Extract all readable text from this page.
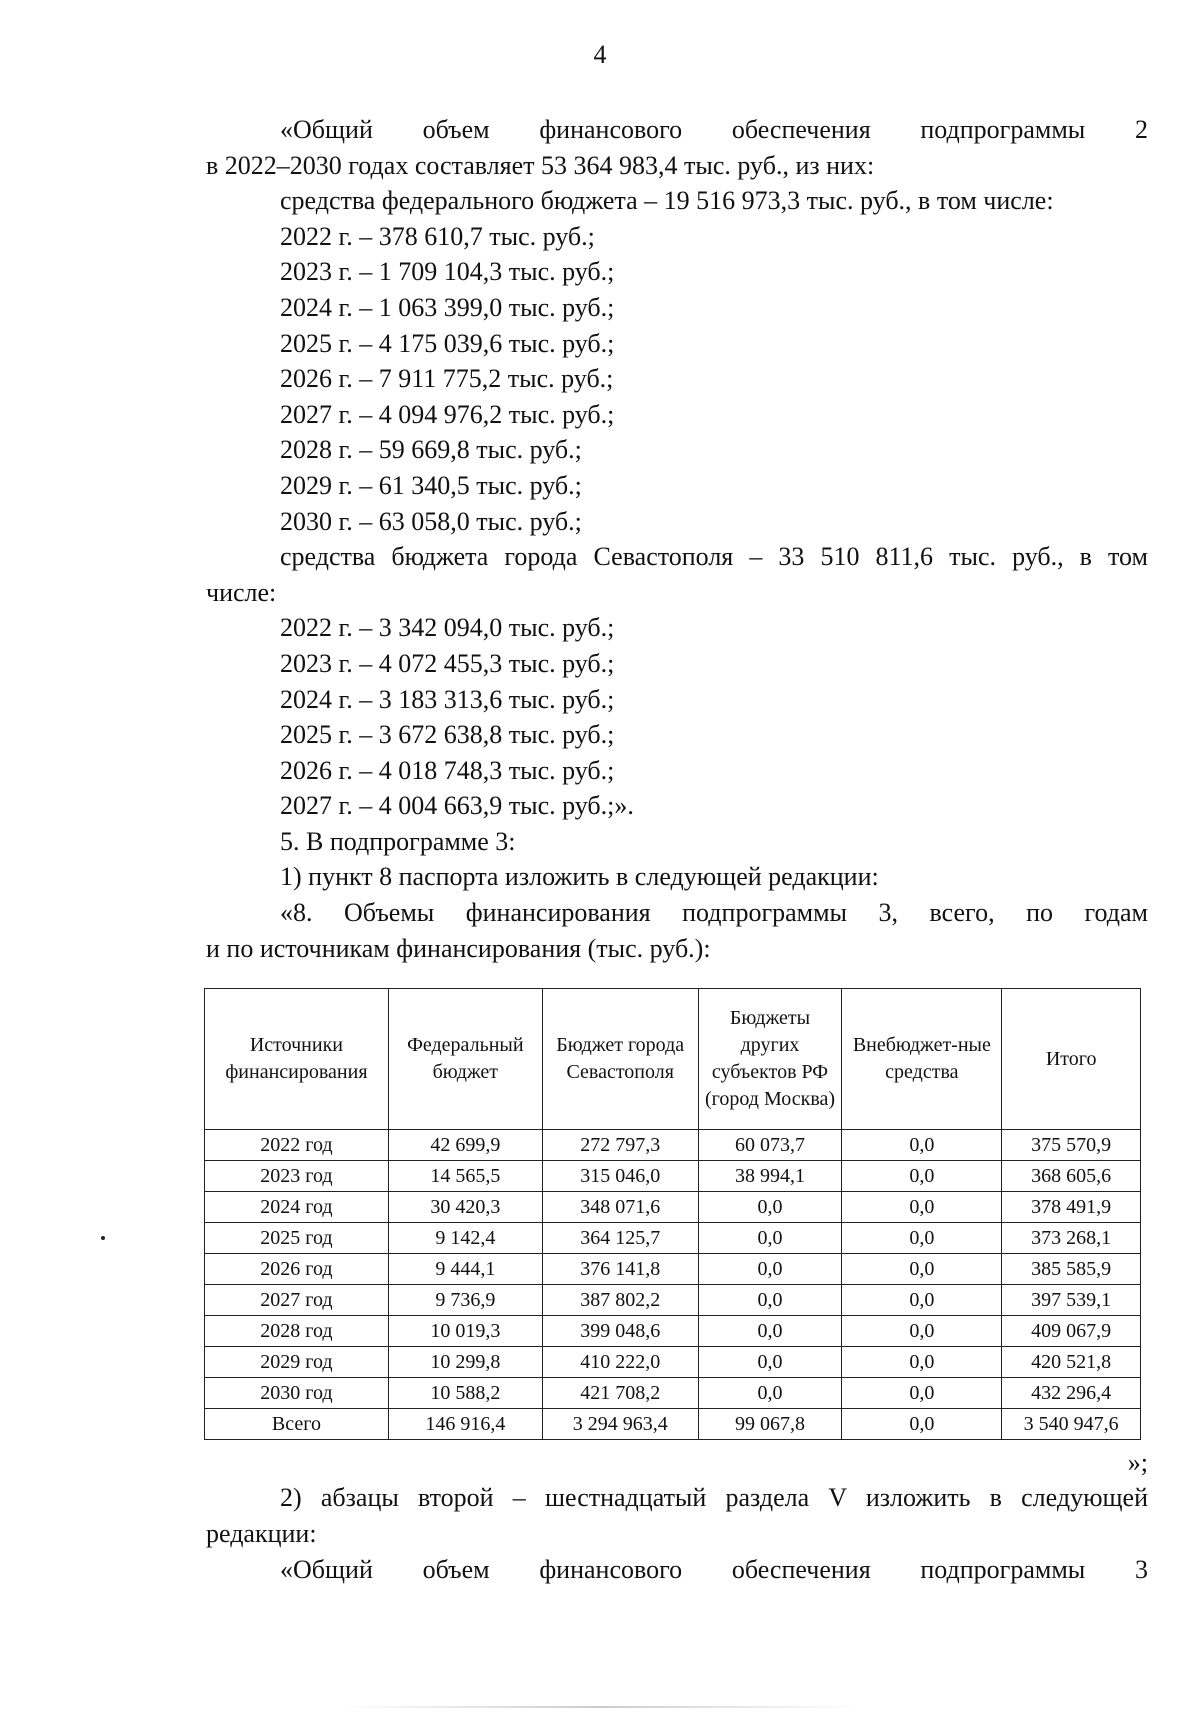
4

«Общий объем финансового обеспечения подпрограммы 2

в 2022–2030 годах составляет 53 364 983,4 тыс. руб., из них:

средства федерального бюджета – 19 516 973,3 тыс. руб., в том числе:

2022 г. – 378 610,7 тыс. руб.;

2023 г. – 1 709 104,3 тыс. руб.;

2024 г. – 1 063 399,0 тыс. руб.;

2025 г. – 4 175 039,6 тыс. руб.;

2026 г. – 7 911 775,2 тыс. руб.;

2027 г. – 4 094 976,2 тыс. руб.;

2028 г. – 59 669,8 тыс. руб.;

2029 г. – 61 340,5 тыс. руб.;

2030 г. – 63 058,0 тыс. руб.;

средства бюджета города Севастополя – 33 510 811,6 тыс. руб., в том

числе:

2022 г. – 3 342 094,0 тыс. руб.;

2023 г. – 4 072 455,3 тыс. руб.;

2024 г. – 3 183 313,6 тыс. руб.;

2025 г. – 3 672 638,8 тыс. руб.;

2026 г. – 4 018 748,3 тыс. руб.;

2027 г. – 4 004 663,9 тыс. руб.;».

5. В подпрограмме 3:

1) пункт 8 паспорта изложить в следующей редакции:

«8. Объемы финансирования подпрограммы 3, всего, по годам

и по источникам финансирования (тыс. руб.):

Источники финансирования	Федеральный бюджет	Бюджет города Севастополя	Бюджеты других субъектов РФ (город Москва)	Внебюджет-ные средства	Итого
2022 год	42 699,9	272 797,3	60 073,7	0,0	375 570,9
2023 год	14 565,5	315 046,0	38 994,1	0,0	368 605,6
2024 год	30 420,3	348 071,6	0,0	0,0	378 491,9
2025 год	9 142,4	364 125,7	0,0	0,0	373 268,1
2026 год	9 444,1	376 141,8	0,0	0,0	385 585,9
2027 год	9 736,9	387 802,2	0,0	0,0	397 539,1
2028 год	10 019,3	399 048,6	0,0	0,0	409 067,9
2029 год	10 299,8	410 222,0	0,0	0,0	420 521,8
2030 год	10 588,2	421 708,2	0,0	0,0	432 296,4
Всего	146 916,4	3 294 963,4	99 067,8	0,0	3 540 947,6
»;

2) абзацы второй – шестнадцатый раздела V изложить в следующей

редакции:

«Общий объем финансового обеспечения подпрограммы 3
